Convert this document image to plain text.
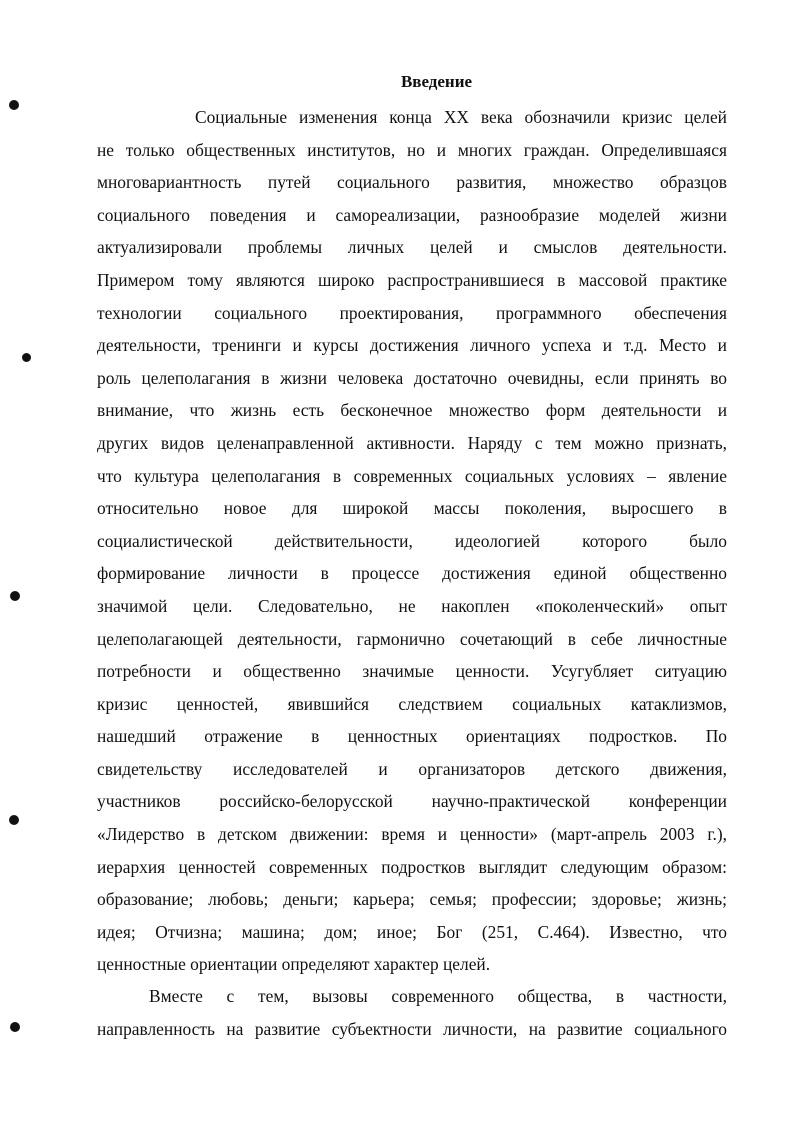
Введение
Социальные изменения конца XX века обозначили кризис целей
не только общественных институтов, но и многих граждан. Определившаяся
многовариантность путей социального развития, множество образцов
социального поведения и самореализации, разнообразие моделей жизни
актуализировали проблемы личных целей и смыслов деятельности.
Примером тому являются широко распространившиеся в массовой практике
технологии социального проектирования, программного обеспечения
деятельности, тренинги и курсы достижения личного успеха и т.д. Место и
роль целеполагания в жизни человека достаточно очевидны, если принять во
внимание, что жизнь есть бесконечное множество форм деятельности и
других видов целенаправленной активности. Наряду с тем можно признать,
что культура целеполагания в современных социальных условиях – явление
относительно новое для широкой массы поколения, выросшего в
социалистической действительности, идеологией которого было
формирование личности в процессе достижения единой общественно
значимой цели. Следовательно, не накоплен «поколенческий» опыт
целеполагающей деятельности, гармонично сочетающий в себе личностные
потребности и общественно значимые ценности. Усугубляет ситуацию
кризис ценностей, явившийся следствием социальных катаклизмов,
нашедший отражение в ценностных ориентациях подростков. По
свидетельству исследователей и организаторов детского движения,
участников российско-белорусской научно-практической конференции
«Лидерство в детском движении: время и ценности» (март-апрель 2003 г.),
иерархия ценностей современных подростков выглядит следующим образом:
образование; любовь; деньги; карьера; семья; профессии; здоровье; жизнь;
идея; Отчизна; машина; дом; иное; Бог (251, С.464). Известно, что
ценностные ориентации определяют характер целей.
Вместе с тем, вызовы современного общества, в частности,
направленность на развитие субъектности личности, на развитие социального
